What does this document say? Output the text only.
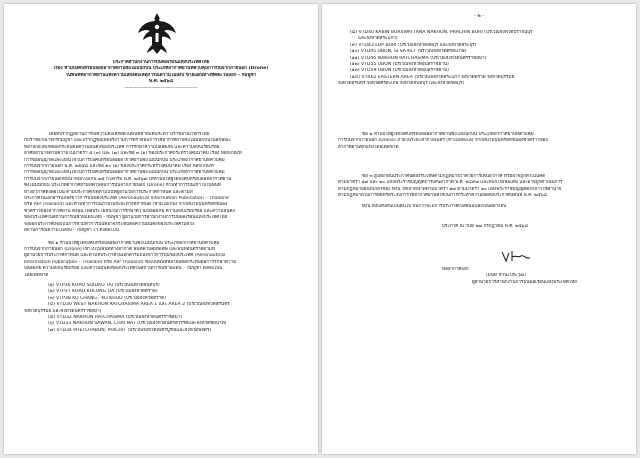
ประกาศสำนักงานการบินพลเรือนแห่งประเทศไทย

เรื่อง ห้ามบังคับหรือปล่อยอากาศยานซึ่งไม่มีนักบิน ประเภทอากาศยานที่ควบคุมการบินจากภายนอก (Drone)

ในพื้นที่ที่อากาศยานแห่งความเสี่ยงต่อเหตุการณ์ความไม่สงบ ชายแดนทางทิศตะวันออก - กัมพูชา

พ.ศ. ๒๕๖๘

————————————————

โดยที่ปรากฏสถานการณ์ความตึงเครียดในพื้นที่ชายแดนระหว่างราชอาณาจักรไทย

กับราชอาณาจักรกัมพูชา และปรากฏข้อเท็จจริงว่ามีการตรวจพบการใช้อากาศยานซึ่งไม่มีนักบินในลักษณะ

ที่อาจก่อให้เกิดผลกระทบต่อความมั่นคงของประเทศ การรักษาความปลอดภัย และความสงบเรียบร้อย

อาศัยอำนาจตามความในมาตรา ๕ (๓) และ (๗) และข้อ ๓ (๑) ของประกาศกระทรวงคมนาคม เรื่อง หลักเกณฑ์

การขออนุญาตและเงื่อนไขในการบังคับหรือปล่อยอากาศยานซึ่งไม่มีนักบิน ประเภทอากาศยานที่ควบคุม

การบินจากภายนอก พ.ศ. ๒๕๕๘ และข้อ ๑๐ (๑) ของประกาศกระทรวงคมนาคม เรื่อง หลักเกณฑ์

การขออนุญาตและเงื่อนไขในการบังคับหรือปล่อยอากาศยานซึ่งไม่มีนักบิน ประเภทอากาศยานที่ควบคุม

การบินจากภายนอกที่มีน้ำหนักไม่เกิน ๒๕ กิโลกรัม พ.ศ. ๒๕๖๗ ให้ห้ามมิให้ผู้ใดบังคับหรือปล่อยอากาศยาน

ซึ่งไม่มีนักบิน ประเภทอากาศยานที่ควบคุมการบินจากภายนอก (Drone) ห้ามทำการบินเข้าไปในพื้นที่

ทางอากาศดังต่อไปนี้ ตามประกาศเขตห้ามบินที่ผู้อำนวยการประกาศกำหนด และตามที่

ประกาศในเอกสารแถลงข่าวการบินของประเทศ (Aeronautical Information Publication – Thailand

หรือ AIP Thailand) และห้ามทำการบินภายในระยะทางที่กำหนด (ห้ามไม่เกิน) จากสนามบินหรือที่ขึ้นลง

ชั่วคราวของอากาศยาน ดังนั้น เพื่อประโยชน์ในการรักษาความปลอดภัย ความสงบเรียบร้อย และความมั่นคง

ของประเทศในสถานการณ์ชายแดนไทย - กัมพูชา ผู้อำนวยการสำนักงานการบินพลเรือนแห่งประเทศไทย

จึงออกประกาศเพื่อเป็นการห้ามทำการบินที่อาจกระทบต่อความมั่นคงของประเทศในช่วง

สถานการณ์ความไม่สงบ – กัมพูชา ไว้ ดังต่อไปนี้

ข้อ ๑ ห้ามมิให้ผู้ใดบังคับหรือปล่อยอากาศยานซึ่งไม่มีนักบิน ประเภทอากาศยานที่ควบคุม

การบินจากภายนอก (Drone) เข้าไปในพื้นที่ทางอากาศ พื้นที่ควบคุมพิเศษ และพื้นที่อันตรายตามที่

ผู้อำนวยการประกาศกำหนด และตามที่ประกาศในเอกสารแถลงข่าวการบินของประเทศ (Aeronautical

Information Publication – Thailand หรือ AIP Thailand) ซึ่งเป็นพื้นที่ที่อาจมีผลกระทบต่อการรักษาความ

ปลอดภัย ความสงบเรียบร้อย และความมั่นคงของประเทศในสถานการณ์ชายแดน – กัมพูชา ดังต่อไปนี้

โดยเด็ดขาด

(๑) VTP36 KHAO SOIDAO TAI (บริเวณจังหวัดจันทบุรี)

(๒) VTP37 KHAO KHLONG OA (บริเวณจังหวัดตราด)

(๓) VTP38 KO CHANG - KO KHUD (บริเวณจังหวัดตราด)

(๔) VTD30 WEST NAKHON RATCHASIMA AREA 1 และ AREA 2 (บริเวณจังหวัดสุรินทร์

จังหวัดบุรีรัมย์ และจังหวัดนครราชสีมา)

(๕) VTD32 NAKHON RATCHASIMA (บริเวณจังหวัดนครราชสีมา)

(๖) VTD33 NAKHON SAWAN, CHAI NAT (บริเวณจังหวัดนครสวรรค์และจังหวัดชัยนาท)

(๗) VTD34 PHETCHABUN, PHICHIT (บริเวณจังหวัดเพชรบูรณ์และจังหวัดพิจิตร)

- ๒ -

(๘) VTD40 KABIN BURI/WATTANA NAKHON, PRACHIN BURI (บริเวณจังหวัดปราจีนบุรี

และจังหวัดสระแก้ว)

(๙) VTD43 LOP BURI (บริเวณจังหวัดลพบุรี และจังหวัดสระบุรี)

(๑๐) VTD45 UBON, SI SA KET (บริเวณจังหวัดศรีสะเกษ)

(๑๑) VTD46 NAKHON RATCHASIMA (บริเวณจังหวัดนครราชสีมา)

(๑๒) VTD55 UBON (บริเวณจังหวัดอุบลราชธานี)

(๑๓) VTD59 UBON (บริเวณจังหวัดอุบลราชธานี)

(๑๔) VTR62 EASTERN AREA (บริเวณจังหวัดสระแก้ว จังหวัดตราด จังหวัดบุรีรัมย์

จังหวัดสุรินทร์ จังหวัดศรีสะเกษ จังหวัดจันทบุรี และจังหวัดชลบุรี)

ข้อ ๒ ห้ามมิให้ผู้ใดบังคับหรือปล่อยอากาศยานซึ่งไม่มีนักบิน ประเภทอากาศยานที่ควบคุม

การบินจากภายนอก (Drone) ภายในระยะห้ากิโลเมตร (ห้าไมล์ทะเล) จากสนามบินหรือที่ขึ้นลงชั่วคราวของ

อากาศยานทุกแห่งโดยเด็ดขาด

ข้อ ๓ ผู้ใดฝ่าฝืนประกาศนี้ต้องรับโทษตามกฎหมายว่าด้วยการเดินอากาศ หรืออาจถูกดำเนินคดี

ตามมาตรา ๑๗ และ ๒๐ แห่งพระราชบัญญัติการเดินอากาศ พ.ศ. ๒๔๙๗ และที่แก้ไขเพิ่มเติม และอาจถูกดำเนินการ

ตามกฎหมายอื่นที่เกี่ยวข้อง ทั้งนี้ ให้เจ้าหน้าที่ตามมาตรา ๑๗ ตามมาตรา ๒๐ แห่งพระราชบัญญัติดังกล่าวใช้อำนาจ

ตามกฎหมายในการยึดหรือระงับการใช้อากาศยานที่ใช้ในการกระทำความผิดต่อประกาศนี้ทันที พ.ศ. ๒๕๖๘

ทั้งนี้ ตั้งแต่บัดนี้เป็นต้นไป จนกว่าจะมีการประกาศเปลี่ยนแปลงเป็นอย่างอื่น

ประกาศ ณ วันที่ ๒๗ กรกฎาคม พ.ศ. ๒๕๖๘

พลอากาศเอก

(มนัท ชวนะประวุฒิ)

ผู้อำนวยการสำนักงานการบินพลเรือนแห่งประเทศไทย
